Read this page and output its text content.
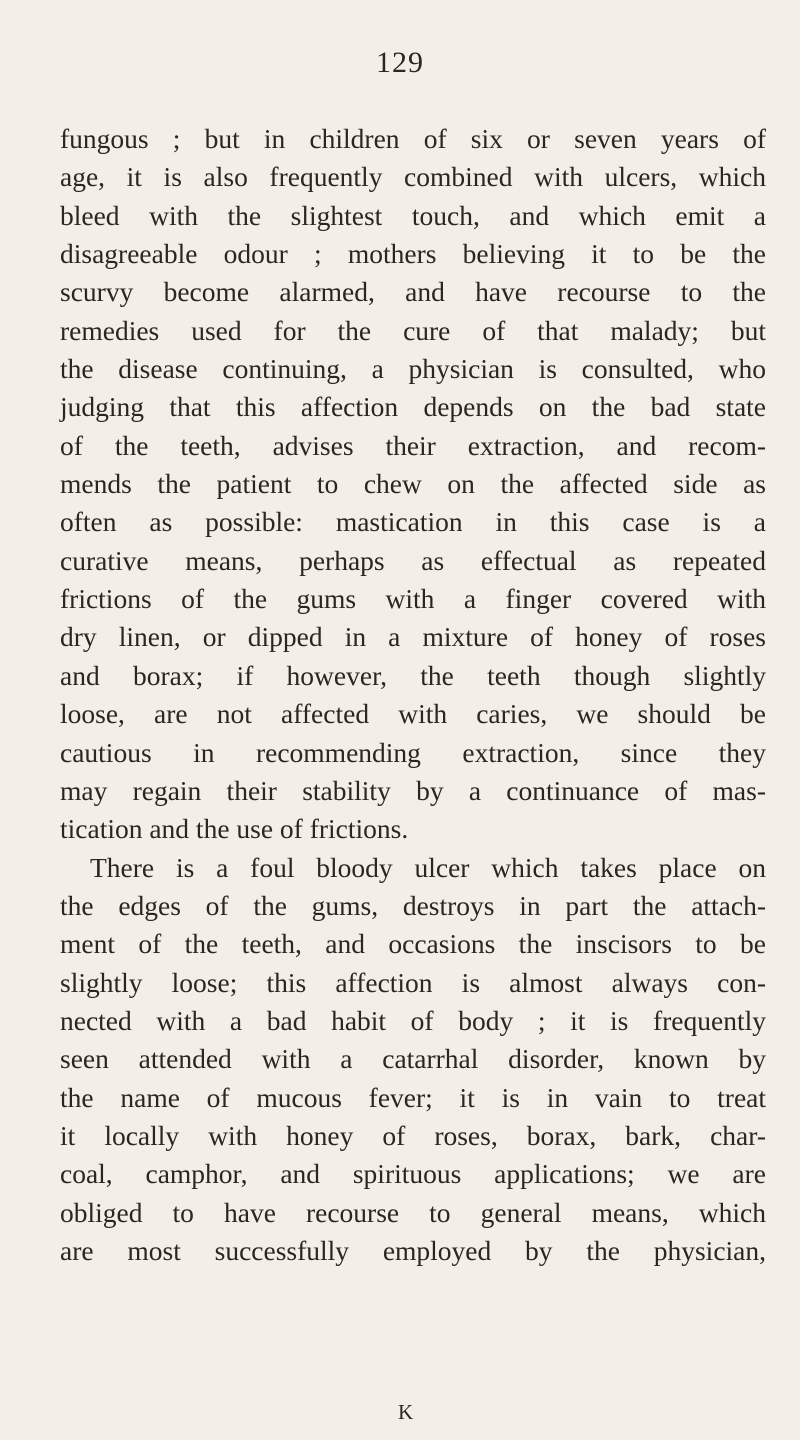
129
fungous ; but in children of six or seven years of
age, it is also frequently combined with ulcers, which
bleed with the slightest touch, and which emit a
disagreeable odour ; mothers believing it to be the
scurvy become alarmed, and have recourse to the
remedies used for the cure of that malady; but
the disease continuing, a physician is consulted, who
judging that this affection depends on the bad state
of the teeth, advises their extraction, and recom-
mends the patient to chew on the affected side as
often as possible: mastication in this case is a
curative means, perhaps as effectual as repeated
frictions of the gums with a finger covered with
dry linen, or dipped in a mixture of honey of roses
and borax; if however, the teeth though slightly
loose, are not affected with caries, we should be
cautious in recommending extraction, since they
may regain their stability by a continuance of mas-
tication and the use of frictions.
There is a foul bloody ulcer which takes place on
the edges of the gums, destroys in part the attach-
ment of the teeth, and occasions the inscisors to be
slightly loose; this affection is almost always con-
nected with a bad habit of body ; it is frequently
seen attended with a catarrhal disorder, known by
the name of mucous fever; it is in vain to treat
it locally with honey of roses, borax, bark, char-
coal, camphor, and spirituous applications; we are
obliged to have recourse to general means, which
are most successfully employed by the physician,
K
